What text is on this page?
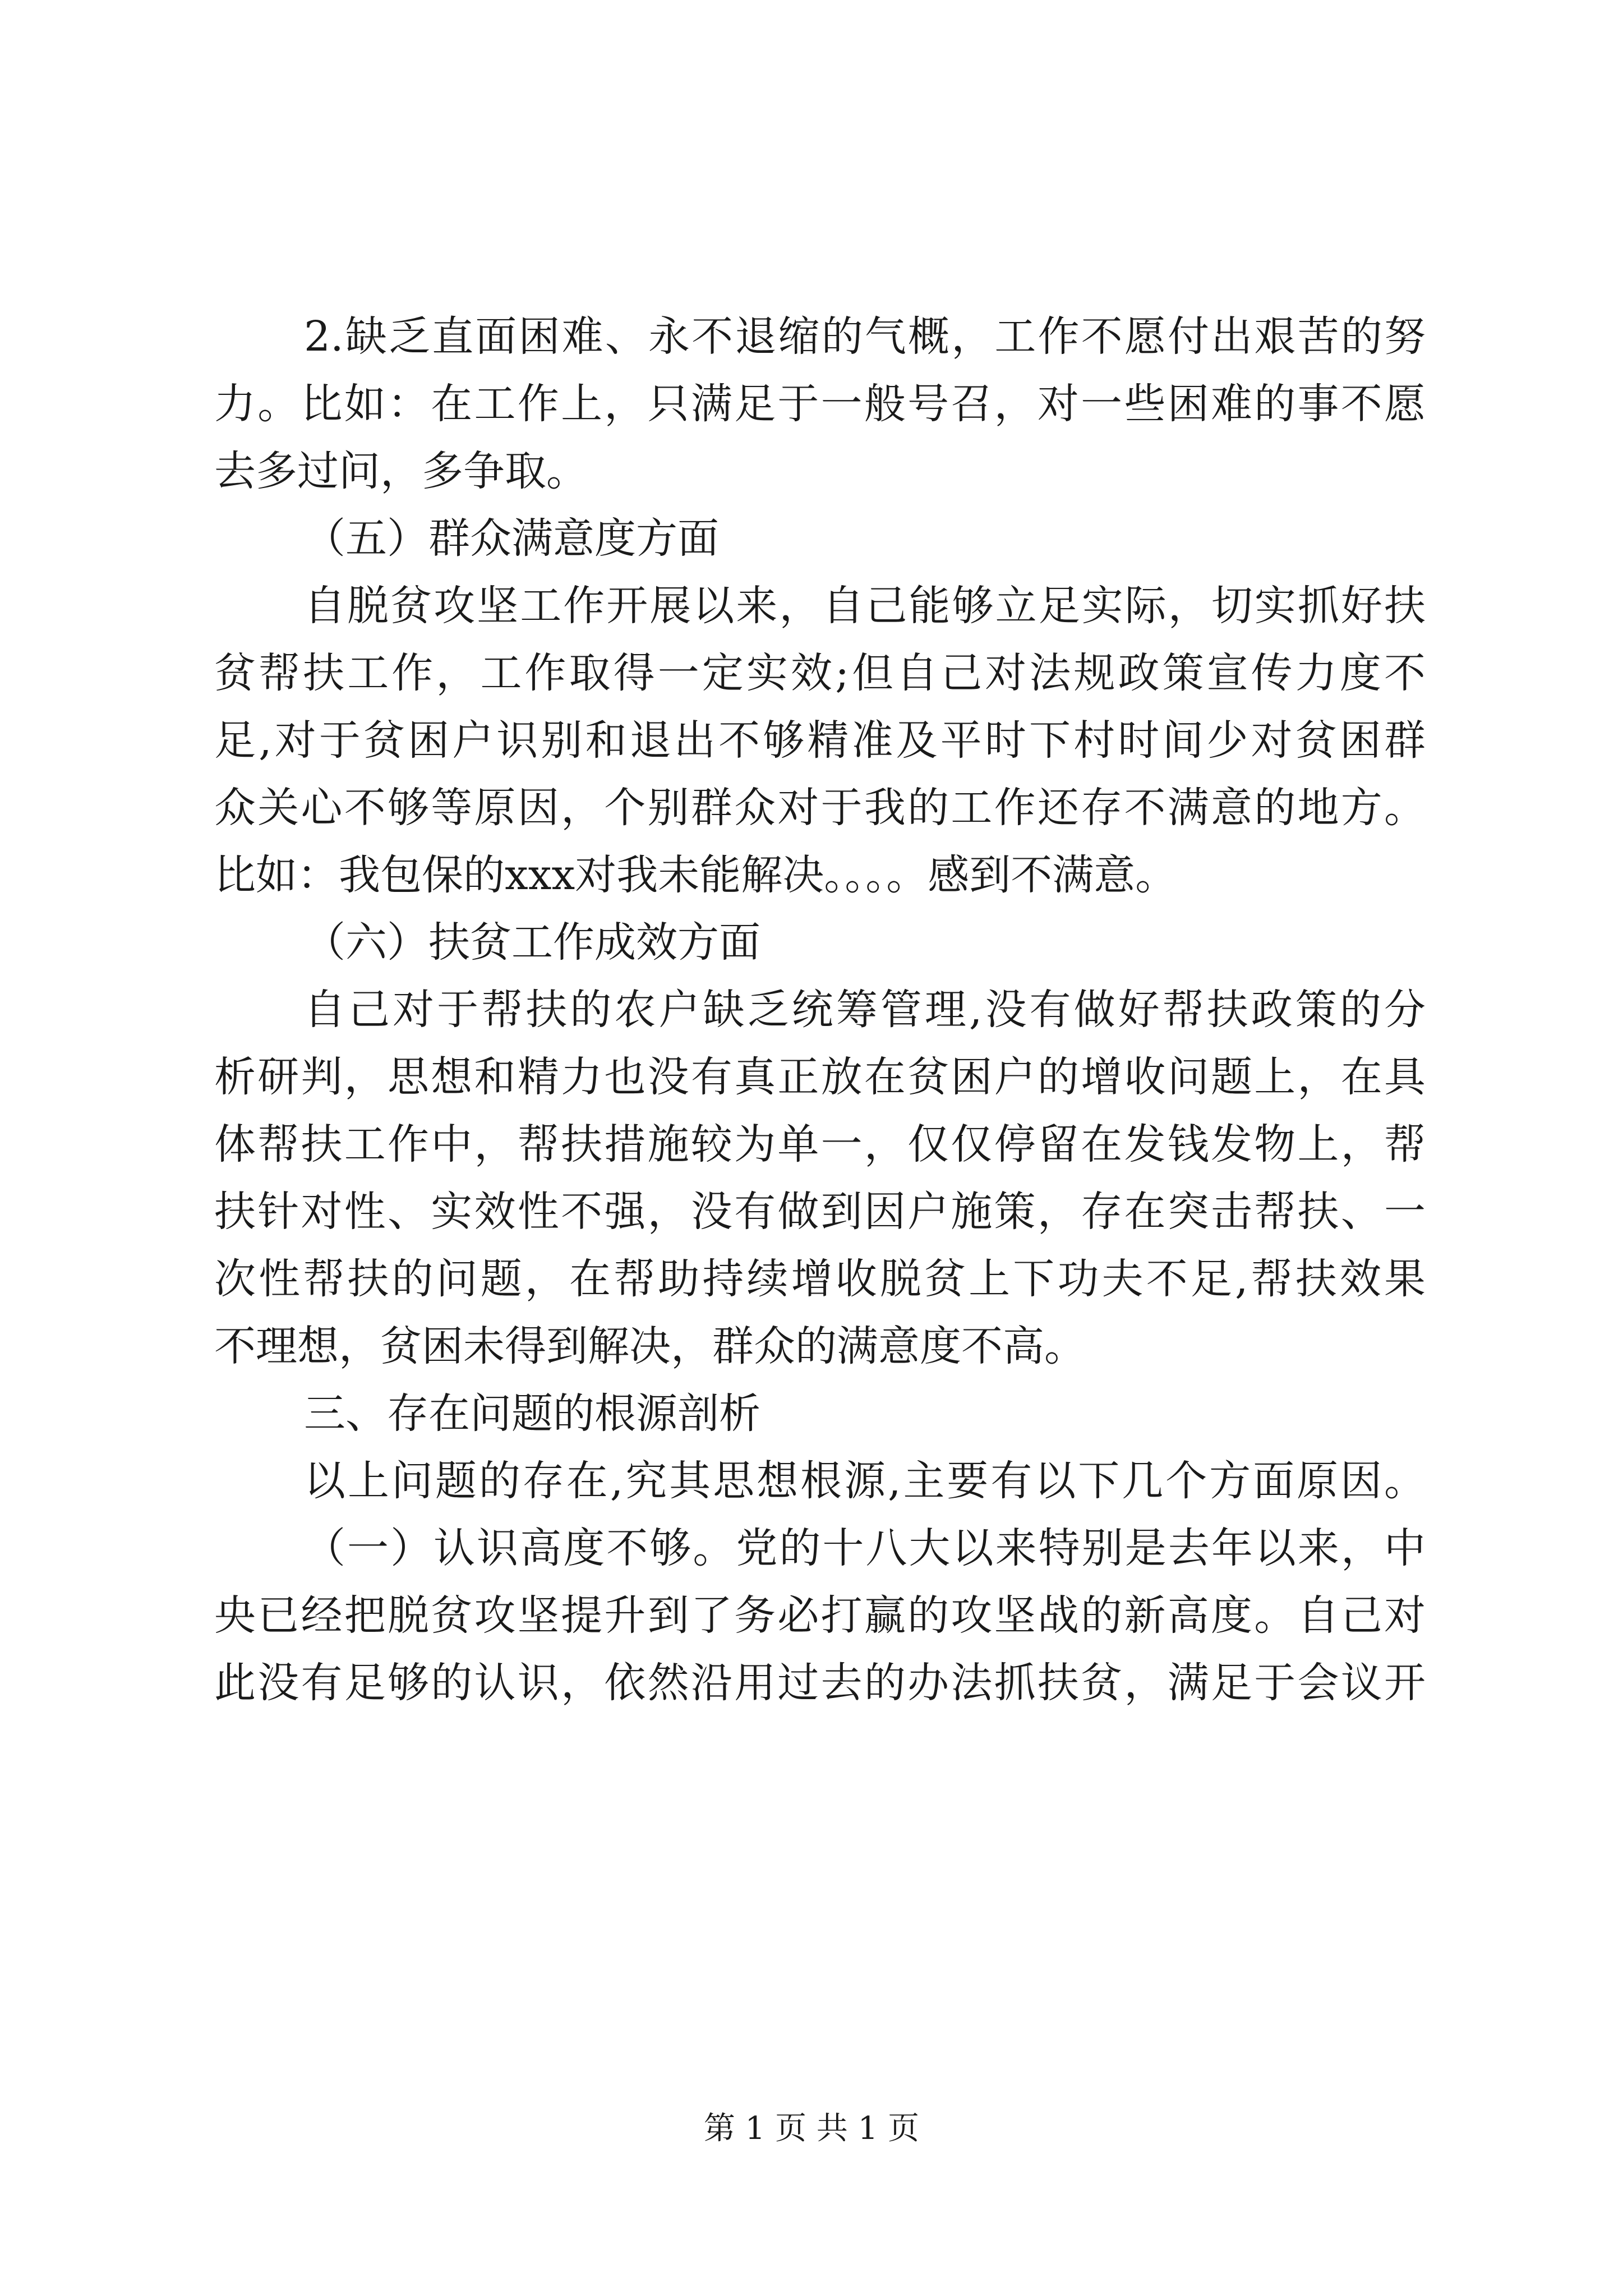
2.缺乏直面困难、永不退缩的气概，工作不愿付出艰苦的努
力。比如：在工作上，只满足于一般号召，对一些困难的事不愿
去多过问，多争取。
（五）群众满意度方面
自脱贫攻坚工作开展以来，自己能够立足实际，切实抓好扶
贫帮扶工作，工作取得一定实效;但自己对法规政策宣传力度不
足,对于贫困户识别和退出不够精准及平时下村时间少对贫困群
众关心不够等原因，个别群众对于我的工作还存不满意的地方。
比如：我包保的xxx对我未能解决。。。。感到不满意。
（六）扶贫工作成效方面
自己对于帮扶的农户缺乏统筹管理,没有做好帮扶政策的分
析研判，思想和精力也没有真正放在贫困户的增收问题上，在具
体帮扶工作中，帮扶措施较为单一，仅仅停留在发钱发物上，帮
扶针对性、实效性不强，没有做到因户施策，存在突击帮扶、一
次性帮扶的问题，在帮助持续增收脱贫上下功夫不足,帮扶效果
不理想，贫困未得到解决，群众的满意度不高。
三、存在问题的根源剖析
以上问题的存在,究其思想根源,主要有以下几个方面原因。
（一）认识高度不够。党的十八大以来特别是去年以来，中
央已经把脱贫攻坚提升到了务必打赢的攻坚战的新高度。自己对
此没有足够的认识，依然沿用过去的办法抓扶贫，满足于会议开
第 1 页 共 1 页
